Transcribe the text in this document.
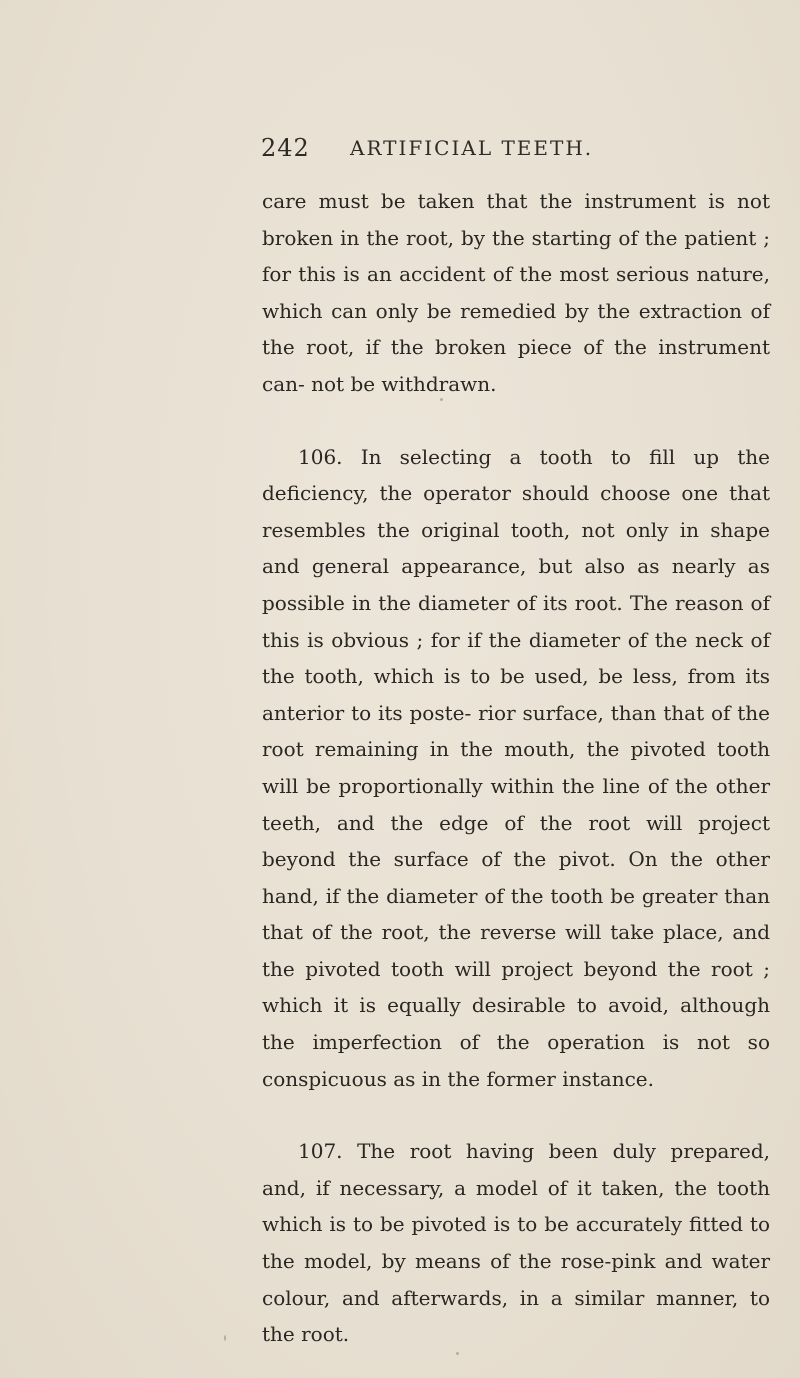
242 ARTIFICIAL TEETH.

care must be taken that the instrument is not broken in the root, by the starting of the patient ; for this is an accident of the most serious nature, which can only be remedied by the extraction of the root, if the broken piece of the instrument can- not be withdrawn.

106. In selecting a tooth to fill up the deficiency, the operator should choose one that resembles the original tooth, not only in shape and general appearance, but also as nearly as possible in the diameter of its root. The reason of this is obvious ; for if the diameter of the neck of the tooth, which is to be used, be less, from its anterior to its poste- rior surface, than that of the root remaining in the mouth, the pivoted tooth will be proportionally within the line of the other teeth, and the edge of the root will project beyond the surface of the pivot. On the other hand, if the diameter of the tooth be greater than that of the root, the reverse will take place, and the pivoted tooth will project beyond the root ; which it is equally desirable to avoid, although the imperfection of the operation is not so conspicuous as in the former instance.

107. The root having been duly prepared, and, if necessary, a model of it taken, the tooth which is to be pivoted is to be accurately fitted to the model, by means of the rose-pink and water colour, and afterwards, in a similar manner, to the root.
